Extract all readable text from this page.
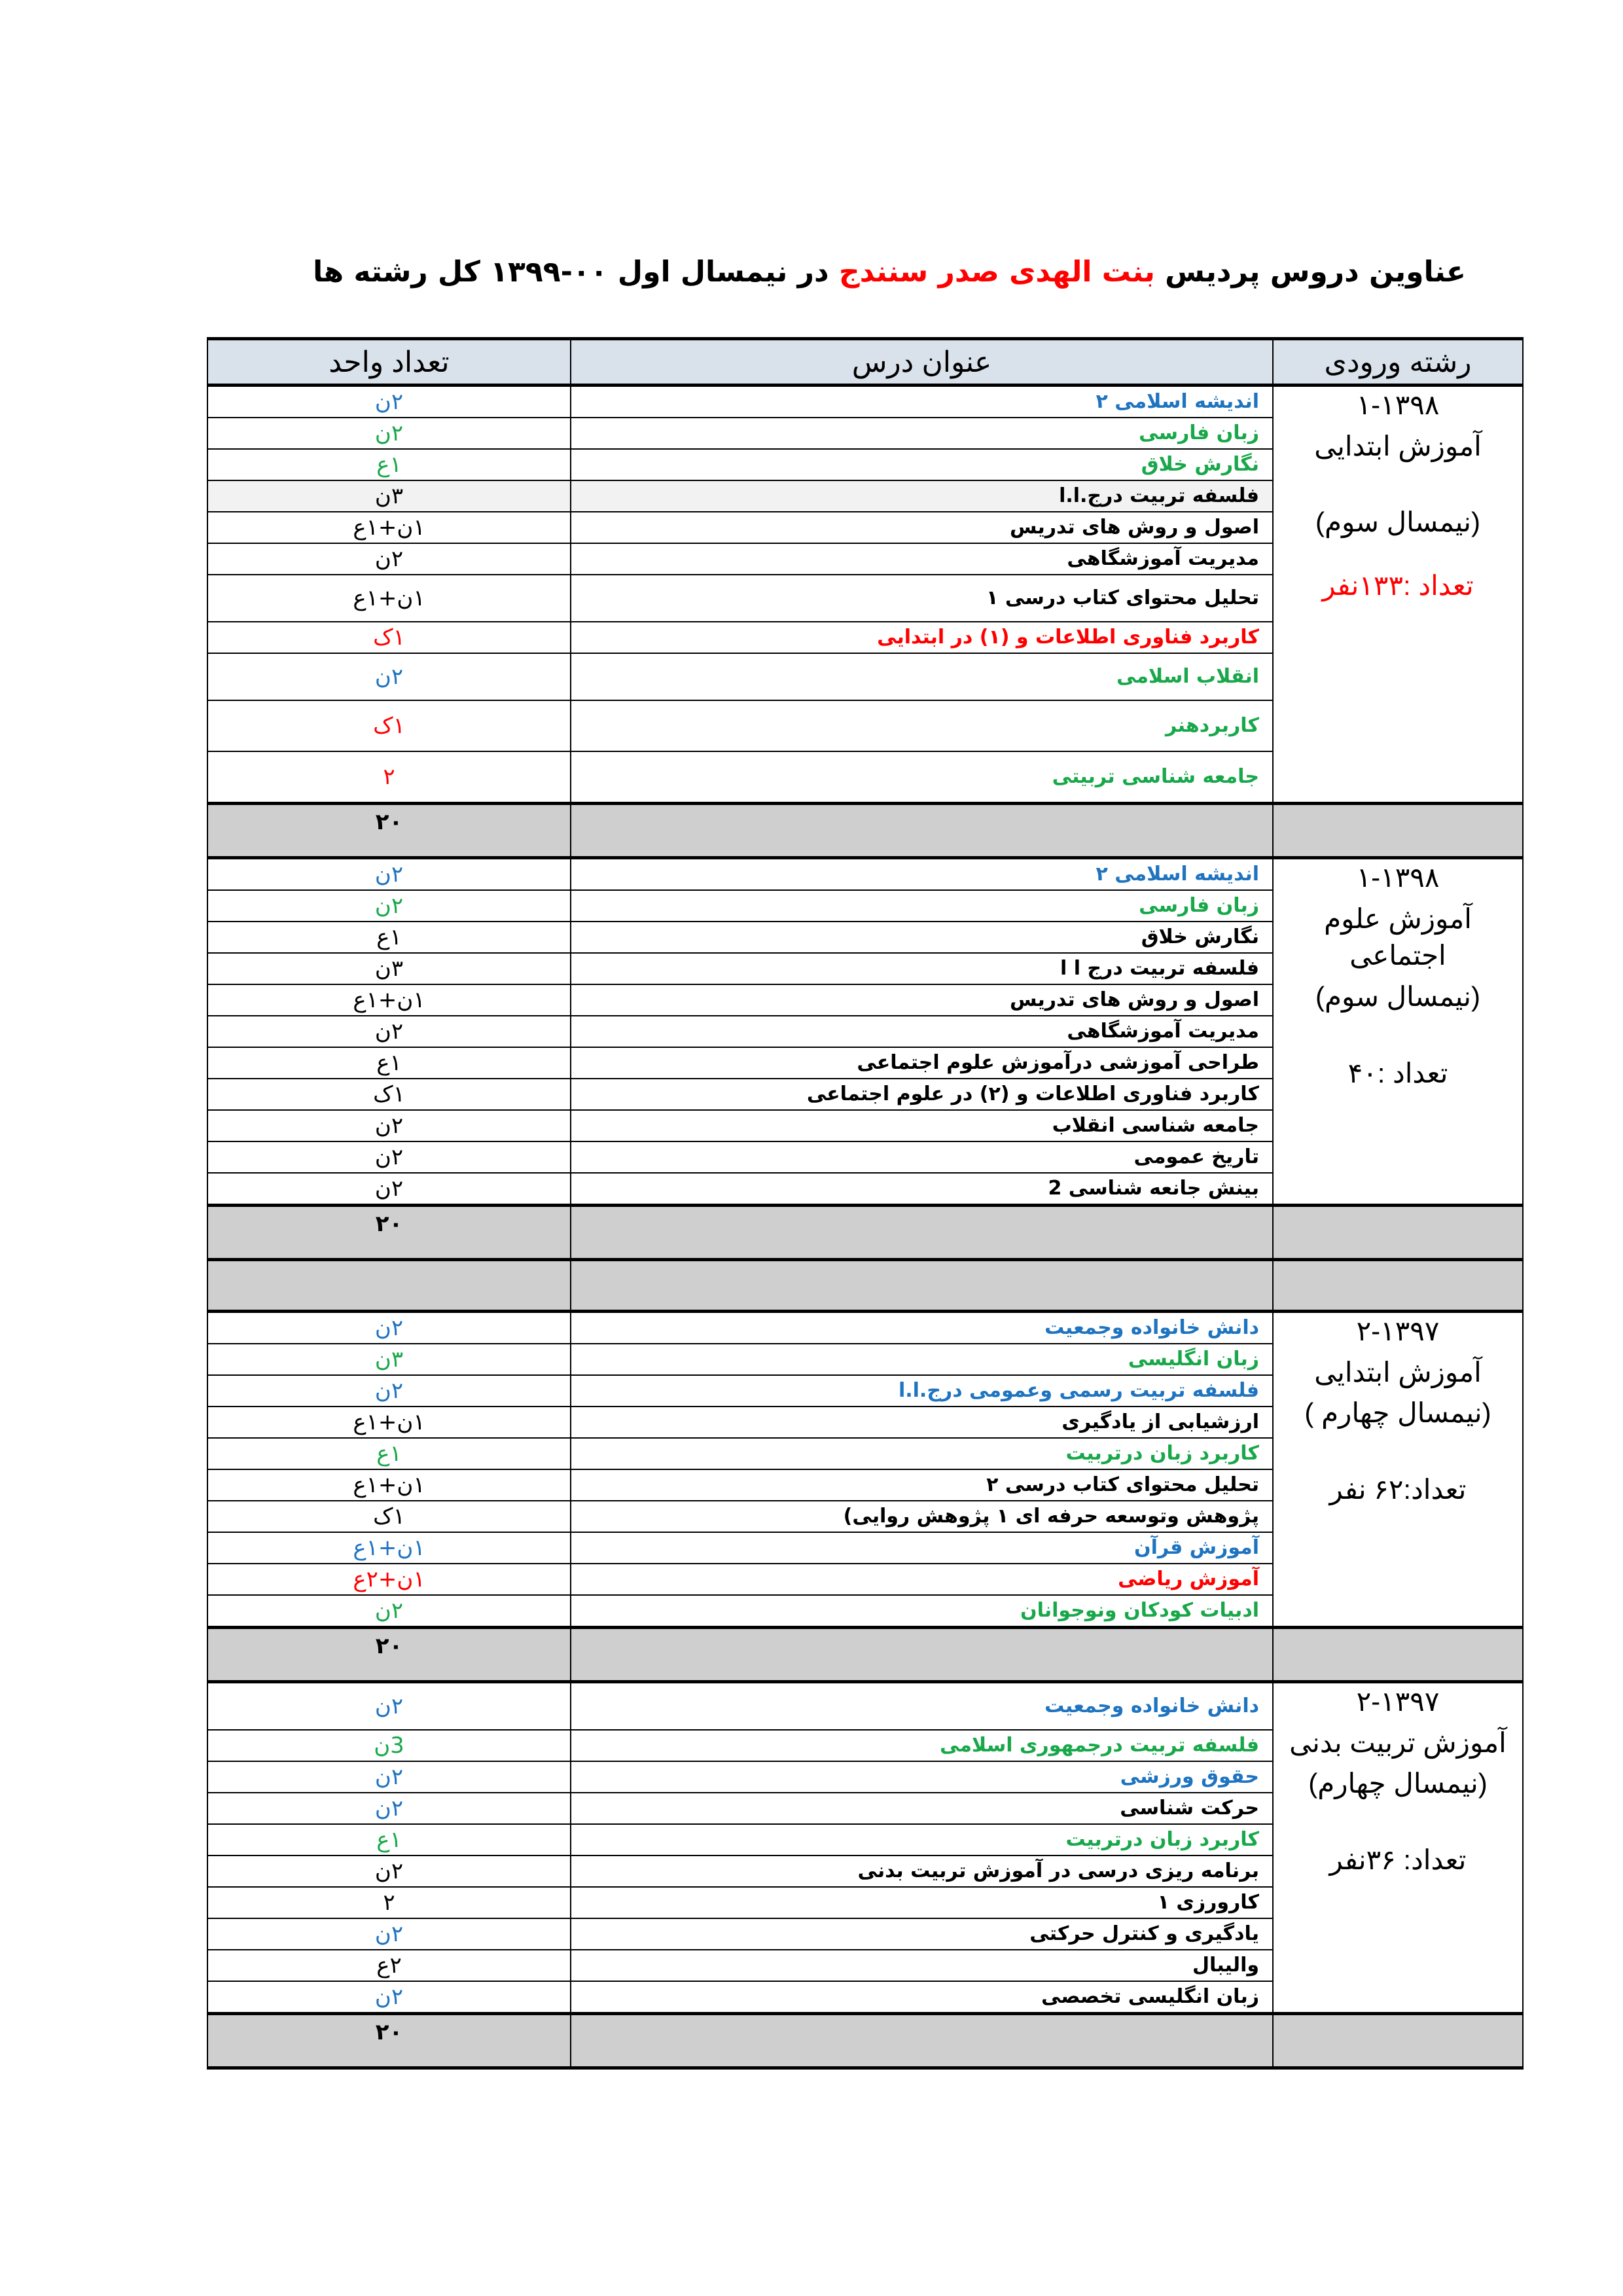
عناوین دروس پردیس بنت الهدی صدر سنندج در نیمسال اول ۰۰-۱۳۹۹ کل رشته ها
رشته ورودی	عنوان درس	تعداد واحد

۱-۱۳۹۸
آموزش ابتدایی
(نیمسال سوم)
تعداد :۱۳۳نفر	اندیشه اسلامی ۲	۲ن
	زبان فارسی	۲ن
	نگارش خلاق	۱ع
	فلسفه تربیت درج.ا.ا	۳ن
	اصول و روش های تدریس	۱ن+۱ع
	مدیریت آموزشگاهی	۲ن
	تحلیل محتوای کتاب درسی ۱	۱ن+۱ع
	کاربرد فناوری اطلاعات و (۱) در ابتدایی	۱ک
	انقلاب اسلامی	۲ن
	کاربردهنر	۱ک
	جامعه شناسی تربیتی	۲
		۲۰

۱-۱۳۹۸
آموزش علوم اجتماعی
(نیمسال سوم)
تعداد :۴۰	اندیشه اسلامی ۲	۲ن
	زبان فارسی	۲ن
	نگارش خلاق	۱ع
	فلسفه تربیت درج ا ا	۳ن
	اصول و روش های تدریس	۱ن+۱ع
	مدیریت آموزشگاهی	۲ن
	طراحی آموزشی درآموزش علوم اجتماعی	۱ع
	کاربرد فناوری اطلاعات و (۲) در علوم اجتماعی	۱ک
	جامعه شناسی انقلاب	۲ن
	تاریخ عمومی	۲ن
	بینش جانعه شناسی 2	۲ن
		۲۰

۲-۱۳۹۷
آموزش ابتدایی
(نیمسال چهارم )
تعداد:۶۲ نفر	دانش خانواده وجمعیت	۲ن
	زبان انگلیسی	۳ن
	فلسفه تربیت رسمی وعمومی درج.ا.ا	۲ن
	ارزشیابی از یادگیری	۱ن+۱ع
	کاربرد زبان درتربیت	۱ع
	تحلیل محتوای کتاب درسی ۲	۱ن+۱ع
	پژوهش وتوسعه حرفه ای ۱ پژوهش روایی)	۱ک
	آموزش قرآن	۱ن+۱ع
	آموزش ریاضی	۱ن+۲ع
	ادبیات کودکان ونوجوانان	۲ن
		۲۰

۲-۱۳۹۷
آموزش تربیت بدنی
(نیمسال چهارم)
تعداد: ۳۶نفر	دانش خانواده وجمعیت	۲ن
	فلسفه تربیت درجمهوری اسلامی	3ن
	حقوق ورزشی	۲ن
	حرکت شناسی	۲ن
	کاربرد زبان درتربیت	۱ع
	برنامه ریزی درسی در آموزش تربیت بدنی	۲ن
	کارورزی ۱	۲
	یادگیری و کنترل حرکتی	۲ن
	والیبال	۲ع
	زبان انگلیسی تخصصی	۲ن
		۲۰
